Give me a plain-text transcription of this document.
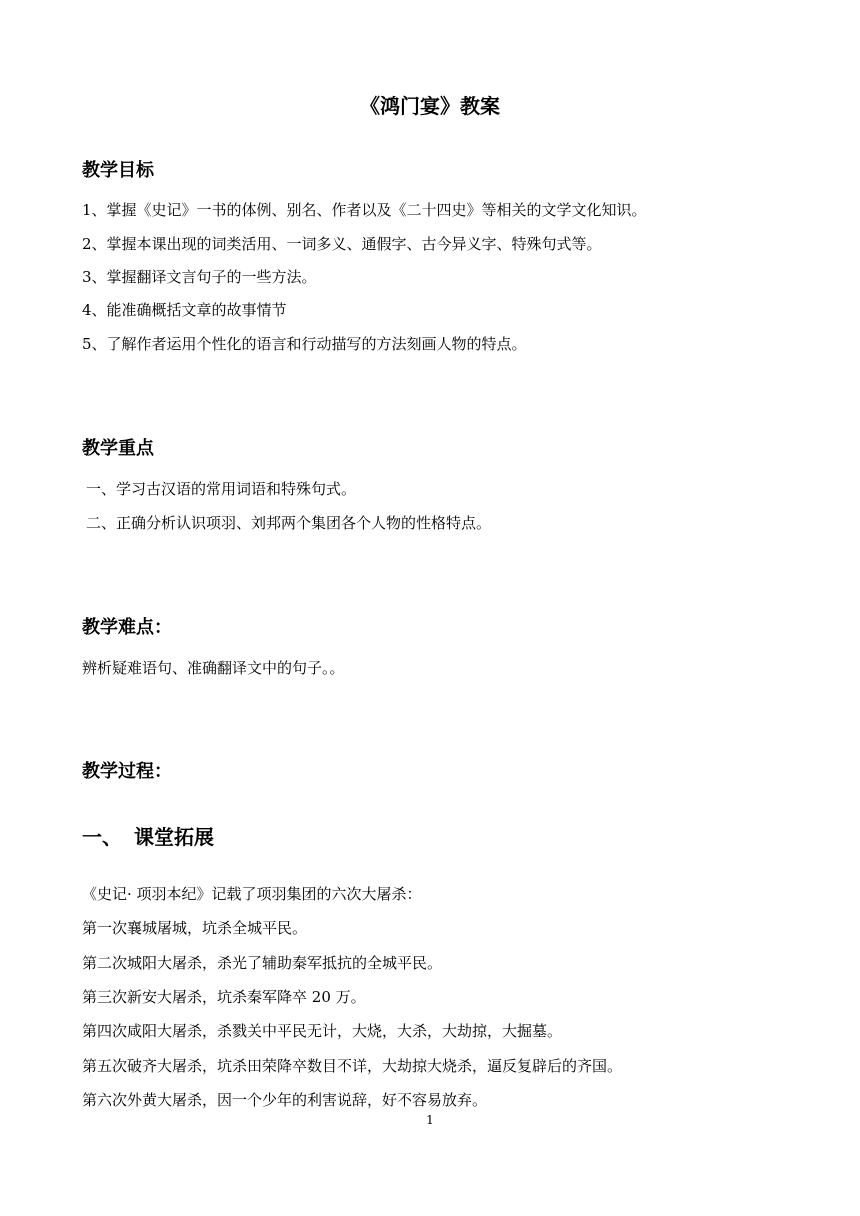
《鸿门宴》教案

教学目标

1、掌握《史记》一书的体例、别名、作者以及《二十四史》等相关的文学文化知识。

2、掌握本课出现的词类活用、一词多义、通假字、古今异义字、特殊句式等。

3、掌握翻译文言句子的一些方法。

4、能准确概括文章的故事情节

5、了解作者运用个性化的语言和行动描写的方法刻画人物的特点。

教学重点

一、学习古汉语的常用词语和特殊句式。

二、正确分析认识项羽、刘邦两个集团各个人物的性格特点。

教学难点：

辨析疑难语句、准确翻译文中的句子。。

教学过程：

一、 课堂拓展

《史记· 项羽本纪》记载了项羽集团的六次大屠杀：

第一次襄城屠城，坑杀全城平民。

第二次城阳大屠杀，杀光了辅助秦军抵抗的全城平民。

第三次新安大屠杀，坑杀秦军降卒 20 万。

第四次咸阳大屠杀，杀戮关中平民无计，大烧，大杀，大劫掠，大掘墓。

第五次破齐大屠杀，坑杀田荣降卒数目不详，大劫掠大烧杀，逼反复辟后的齐国。

第六次外黄大屠杀，因一个少年的利害说辞，好不容易放弃。

1
